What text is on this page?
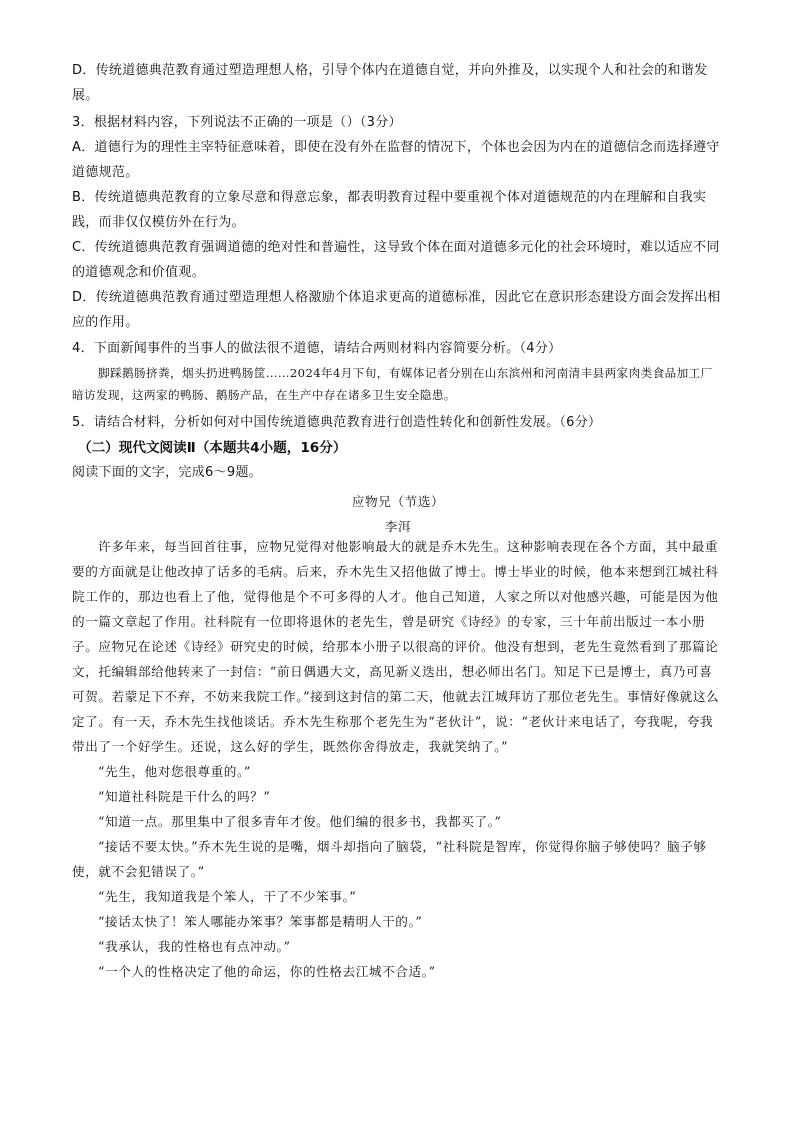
D．传统道德典范教育通过塑造理想人格，引导个体内在道德自觉，并向外推及，以实现个人和社会的和谐发展。

3．根据材料内容，下列说法不正确的一项是（）（3分）

A．道德行为的理性主宰特征意味着，即使在没有外在监督的情况下，个体也会因为内在的道德信念而选择遵守道德规范。

B．传统道德典范教育的立象尽意和得意忘象，都表明教育过程中要重视个体对道德规范的内在理解和自我实践，而非仅仅模仿外在行为。

C．传统道德典范教育强调道德的绝对性和普遍性，这导致个体在面对道德多元化的社会环境时，难以适应不同的道德观念和价值观。

D．传统道德典范教育通过塑造理想人格激励个体追求更高的道德标准，因此它在意识形态建设方面会发挥出相应的作用。

4．下面新闻事件的当事人的做法很不道德，请结合两则材料内容简要分析。（4分）

脚踩鹅肠挤粪，烟头扔进鸭肠筐……2024年4月下旬，有媒体记者分别在山东滨州和河南清丰县两家肉类食品加工厂暗访发现，这两家的鸭肠、鹅肠产品，在生产中存在诸多卫生安全隐患。

5．请结合材料，分析如何对中国传统道德典范教育进行创造性转化和创新性发展。（6分）

（二）现代文阅读Ⅱ（本题共4小题，16分）

阅读下面的文字，完成6～9题。

应物兄（节选）

李洱

许多年来，每当回首往事，应物兄觉得对他影响最大的就是乔木先生。这种影响表现在各个方面，其中最重要的方面就是让他改掉了话多的毛病。后来，乔木先生又招他做了博士。博士毕业的时候，他本来想到江城社科院工作的，那边也看上了他，觉得他是个不可多得的人才。他自己知道，人家之所以对他感兴趣，可能是因为他的一篇文章起了作用。社科院有一位即将退休的老先生，曾是研究《诗经》的专家，三十年前出版过一本小册子。应物兄在论述《诗经》研究史的时候，给那本小册子以很高的评价。他没有想到，老先生竟然看到了那篇论文，托编辑部给他转来了一封信：“前日偶遇大文，高见新义迭出，想必师出名门。知足下已是博士，真乃可喜可贺。若蒙足下不弃，不妨来我院工作。”接到这封信的第二天，他就去江城拜访了那位老先生。事情好像就这么定了。有一天，乔木先生找他谈话。乔木先生称那个老先生为“老伙计”，说：“老伙计来电话了，夸我呢，夸我带出了一个好学生。还说，这么好的学生，既然你舍得放走，我就笑纳了。”

“先生，他对您很尊重的。”

“知道社科院是干什么的吗？”

“知道一点。那里集中了很多青年才俊。他们编的很多书，我都买了。”

“接话不要太快。”乔木先生说的是嘴，烟斗却指向了脑袋，“社科院是智库，你觉得你脑子够使吗？脑子够使，就不会犯错误了。”

“先生，我知道我是个笨人，干了不少笨事。”

“接话太快了！笨人哪能办笨事？笨事都是精明人干的。”

“我承认，我的性格也有点冲动。”

“一个人的性格决定了他的命运，你的性格去江城不合适。”
